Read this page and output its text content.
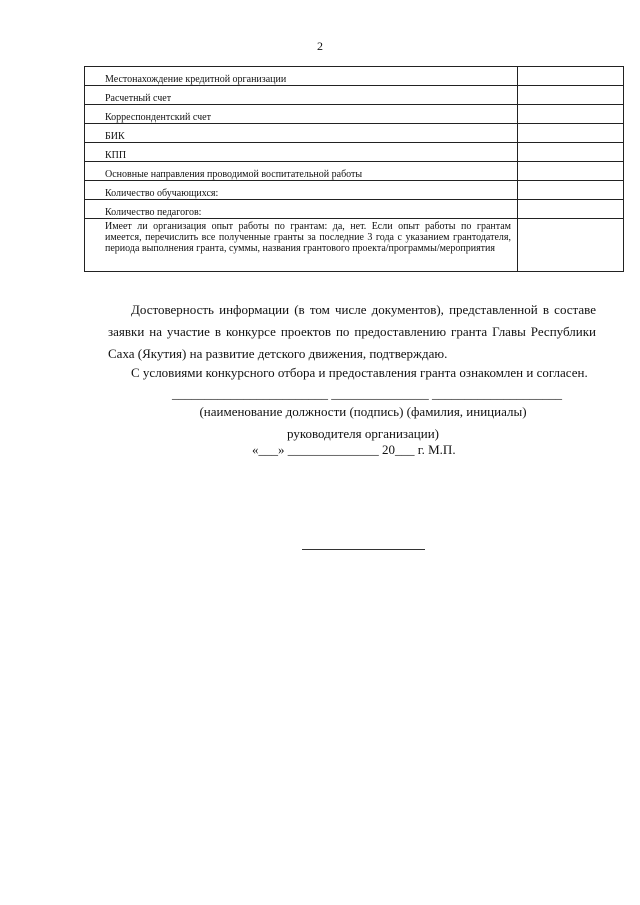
2
Местонахождение кредитной организации	
Расчетный счет	
Корреспондентский счет	
БИК	
КПП	
Основные направления проводимой воспитательной работы	
Количество обучающихся:	
Количество педагогов:	
Имеет ли организация опыт работы по грантам: да, нет. Если опыт работы по грантам имеется, перечислить все полученные гранты за последние 3 года с указанием грантодателя, периода выполнения гранта, суммы, названия грантового проекта/программы/мероприятия	
Достоверность информации (в том числе документов), представленной в составе заявки на участие в конкурсе проектов по предоставлению гранта Главы Республики Саха (Якутия) на развитие детского движения, подтверждаю.
С условиями конкурсного отбора и предоставления гранта ознакомлен и согласен.
________________________ _______________ ____________________
(наименование должности (подпись) (фамилия, инициалы)
руководителя организации)
«___» ______________ 20___ г. М.П.
